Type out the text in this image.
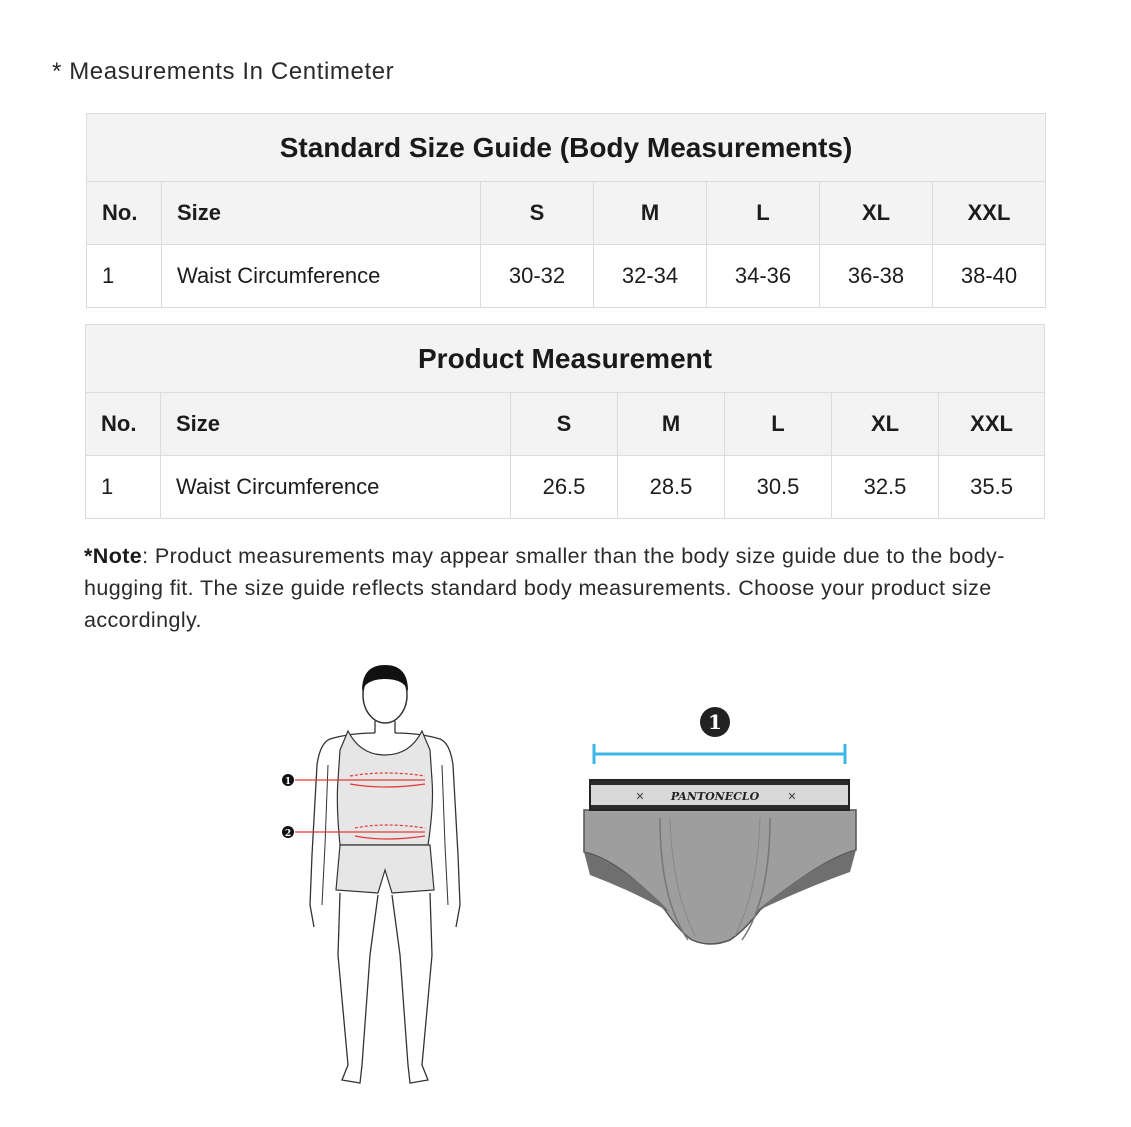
* Measurements In Centimeter
Standard Size Guide (Body Measurements)						
No.	Size	S	M	L	XL	XXL
1	Waist Circumference	30-32	32-34	34-36	36-38	38-40
Product Measurement						
No.	Size	S	M	L	XL	XXL
1	Waist Circumference	26.5	28.5	30.5	32.5	35.5
*Note: Product measurements may appear smaller than the body size guide due to the body-hugging fit. The size guide reflects standard body measurements. Choose your product size accordingly.
1
2
1
PANTONECLO
✕	✕
